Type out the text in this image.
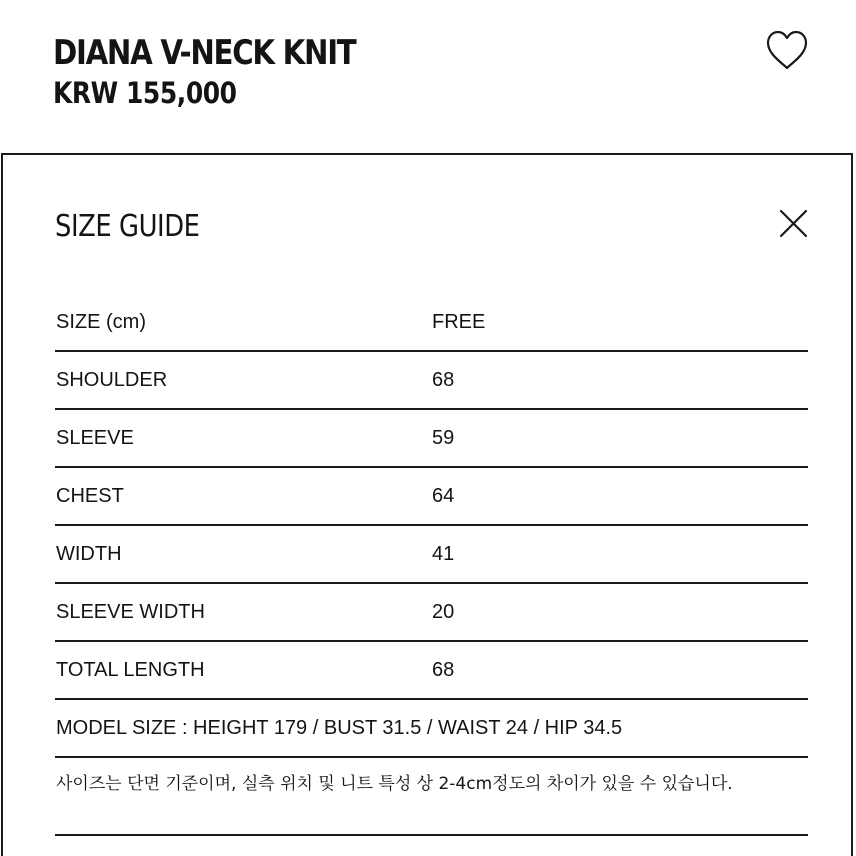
DIANA V-NECK KNIT

KRW 155,000

SIZE GUIDE
SIZE (cm)	FREE
SHOULDER	68
SLEEVE	59
CHEST	64
WIDTH	41
SLEEVE WIDTH	20
TOTAL LENGTH	68
MODEL SIZE : HEIGHT 179 / BUST 31.5 / WAIST 24 / HIP 34.5
사이즈는 단면 기준이며, 실측 위치 및 니트 특성 상 2-4cm정도의 차이가 있을 수 있습니다.
